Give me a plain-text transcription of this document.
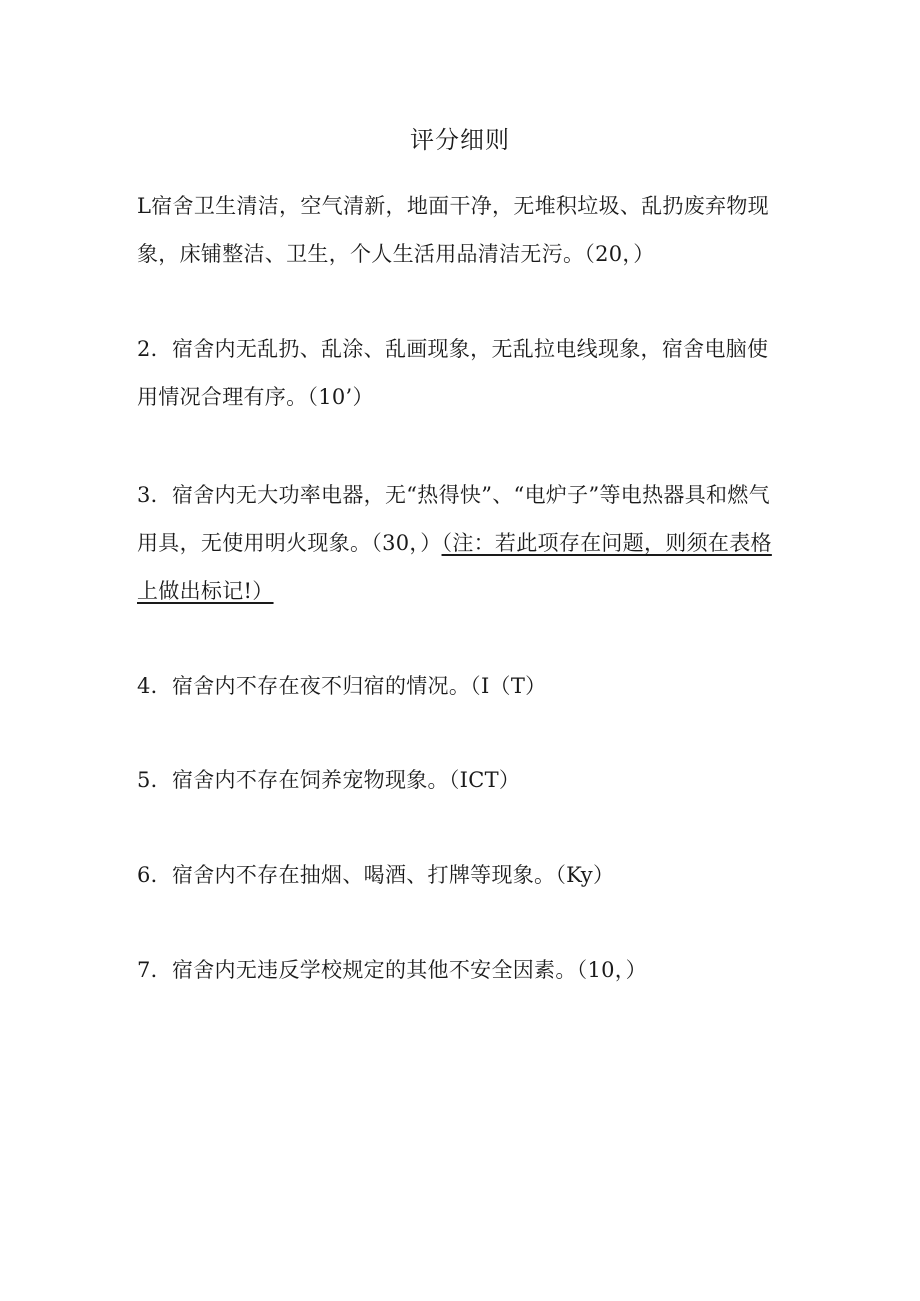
评分细则
L宿舍卫生清洁，空气清新，地面干净，无堆积垃圾、乱扔废弃物现象，床铺整洁、卫生，个人生活用品清洁无污。（20，）
2．宿舍内无乱扔、乱涂、乱画现象，无乱拉电线现象，宿舍电脑使用情况合理有序。（10’）
3．宿舍内无大功率电器，无“热得快”、“电炉子”等电热器具和燃气用具，无使用明火现象。（30，）（注：若此项存在问题，则须在表格上做出标记!）
4．宿舍内不存在夜不归宿的情况。（I（T）
5．宿舍内不存在饲养宠物现象。（ICT）
6．宿舍内不存在抽烟、喝酒、打牌等现象。（Ky）
7．宿舍内无违反学校规定的其他不安全因素。（10，）
